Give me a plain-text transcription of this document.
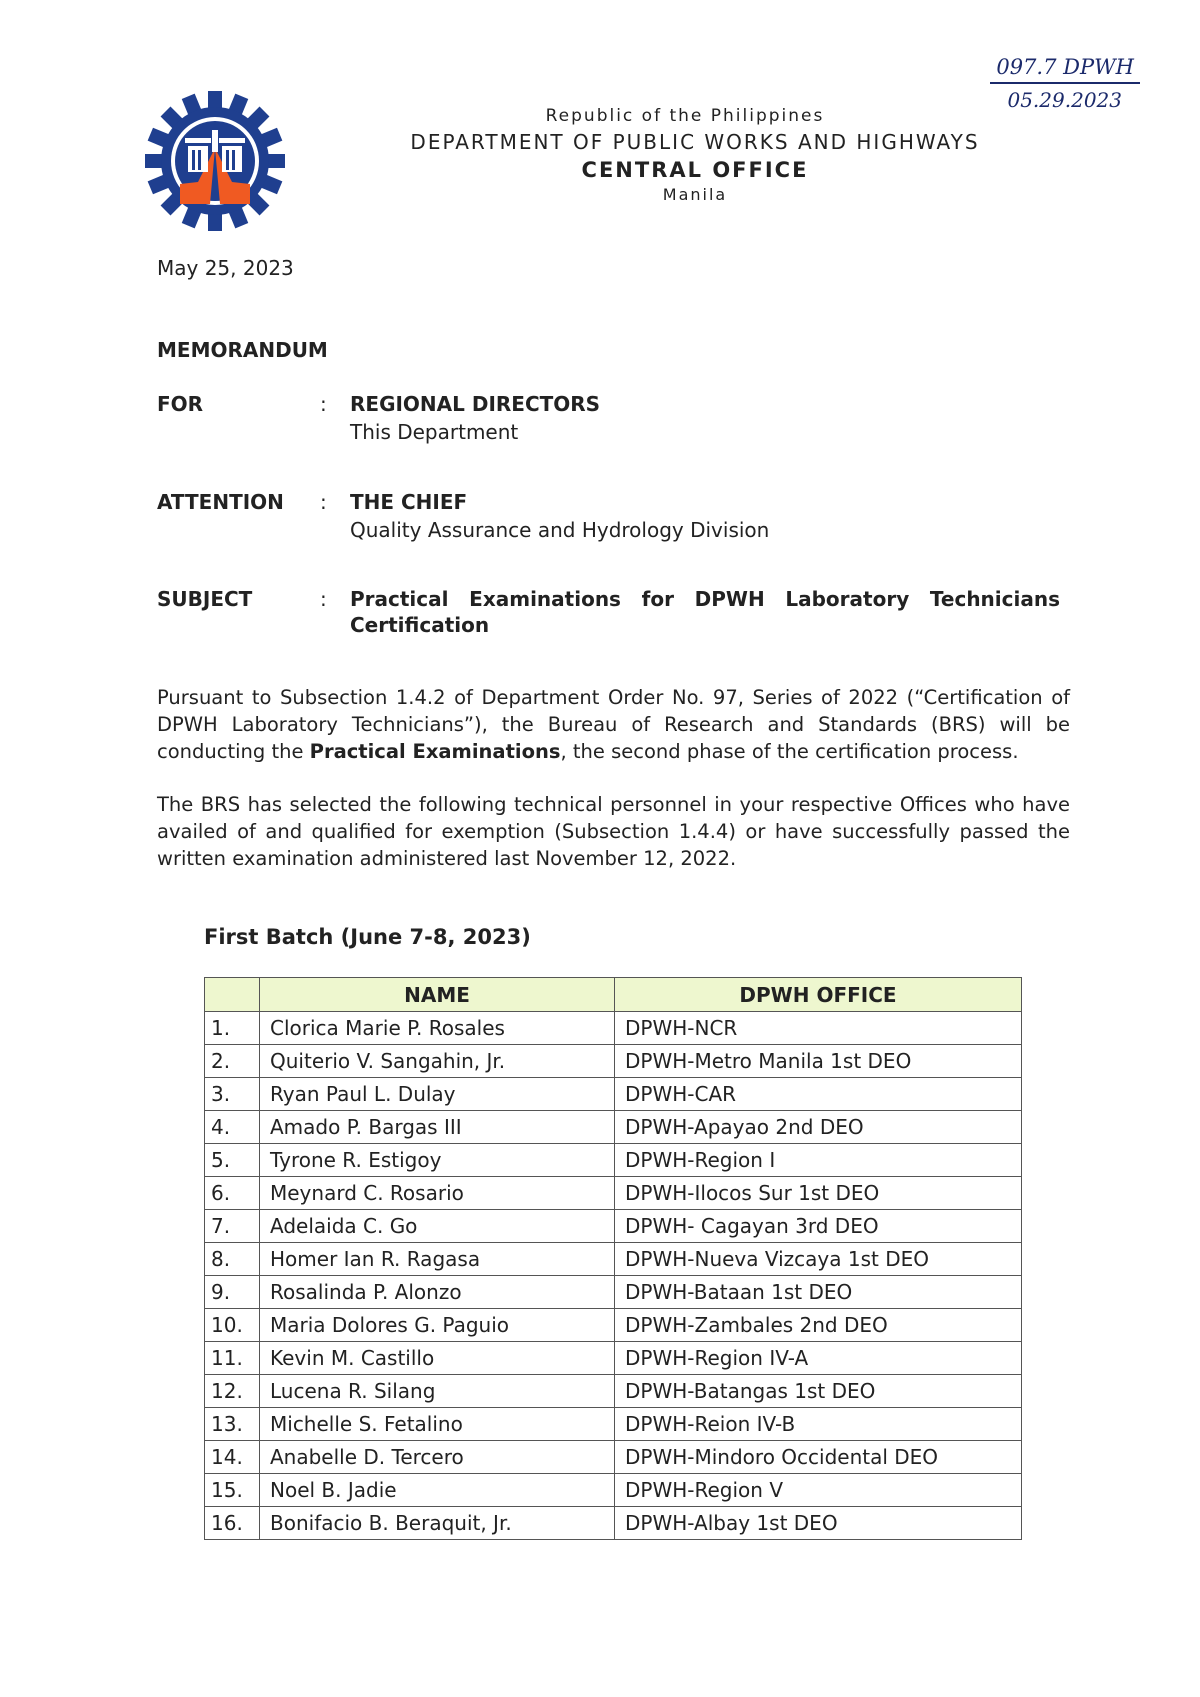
097.7 DPWH
05.29.2023
Republic of the Philippines
DEPARTMENT OF PUBLIC WORKS AND HIGHWAYS
CENTRAL OFFICE
Manila
May 25, 2023
MEMORANDUM
FOR	: REGIONAL DIRECTORS
This Department
ATTENTION : THE CHIEF
Quality Assurance and Hydrology Division
SUBJECT	: Practical Examinations for DPWH Laboratory Technicians
Certification
Pursuant to Subsection 1.4.2 of Department Order No. 97, Series of 2022 (“Certification of DPWH Laboratory Technicians”), the Bureau of Research and Standards (BRS) will be conducting the Practical Examinations, the second phase of the certification process.
The BRS has selected the following technical personnel in your respective Offices who have availed of and qualified for exemption (Subsection 1.4.4) or have successfully passed the written examination administered last November 12, 2022.
First Batch (June 7-8, 2023)
	NAME	DPWH OFFICE
1.	Clorica Marie P. Rosales	DPWH-NCR
2.	Quiterio V. Sangahin, Jr.	DPWH-Metro Manila 1st DEO
3.	Ryan Paul L. Dulay	DPWH-CAR
4.	Amado P. Bargas III	DPWH-Apayao 2nd DEO
5.	Tyrone R. Estigoy	DPWH-Region I
6.	Meynard C. Rosario	DPWH-Ilocos Sur 1st DEO
7.	Adelaida C. Go	DPWH- Cagayan 3rd DEO
8.	Homer Ian R. Ragasa	DPWH-Nueva Vizcaya 1st DEO
9.	Rosalinda P. Alonzo	DPWH-Bataan 1st DEO
10.	Maria Dolores G. Paguio	DPWH-Zambales 2nd DEO
11.	Kevin M. Castillo	DPWH-Region IV-A
12.	Lucena R. Silang	DPWH-Batangas 1st DEO
13.	Michelle S. Fetalino	DPWH-Reion IV-B
14.	Anabelle D. Tercero	DPWH-Mindoro Occidental DEO
15.	Noel B. Jadie	DPWH-Region V
16.	Bonifacio B. Beraquit, Jr.	DPWH-Albay 1st DEO
